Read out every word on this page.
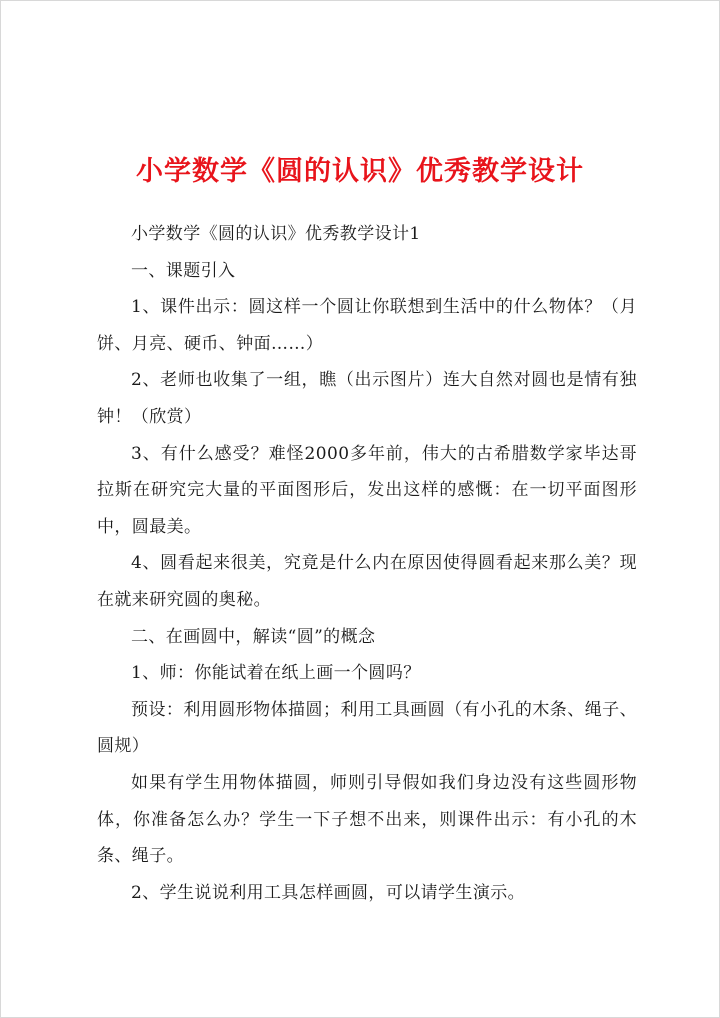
小学数学《圆的认识》优秀教学设计

小学数学《圆的认识》优秀教学设计1

一、课题引入

1、课件出示：圆这样一个圆让你联想到生活中的什么物体？（月饼、月亮、硬币、钟面……）

2、老师也收集了一组，瞧（出示图片）连大自然对圆也是情有独钟！（欣赏）

3、有什么感受？难怪2000多年前，伟大的古希腊数学家毕达哥拉斯在研究完大量的平面图形后，发出这样的感慨：在一切平面图形中，圆最美。

4、圆看起来很美，究竟是什么内在原因使得圆看起来那么美？现在就来研究圆的奥秘。

二、在画圆中，解读“圆”的概念

1、师：你能试着在纸上画一个圆吗？

预设：利用圆形物体描圆；利用工具画圆（有小孔的木条、绳子、圆规）

如果有学生用物体描圆，师则引导假如我们身边没有这些圆形物体，你准备怎么办？学生一下子想不出来，则课件出示：有小孔的木条、绳子。

2、学生说说利用工具怎样画圆，可以请学生演示。
